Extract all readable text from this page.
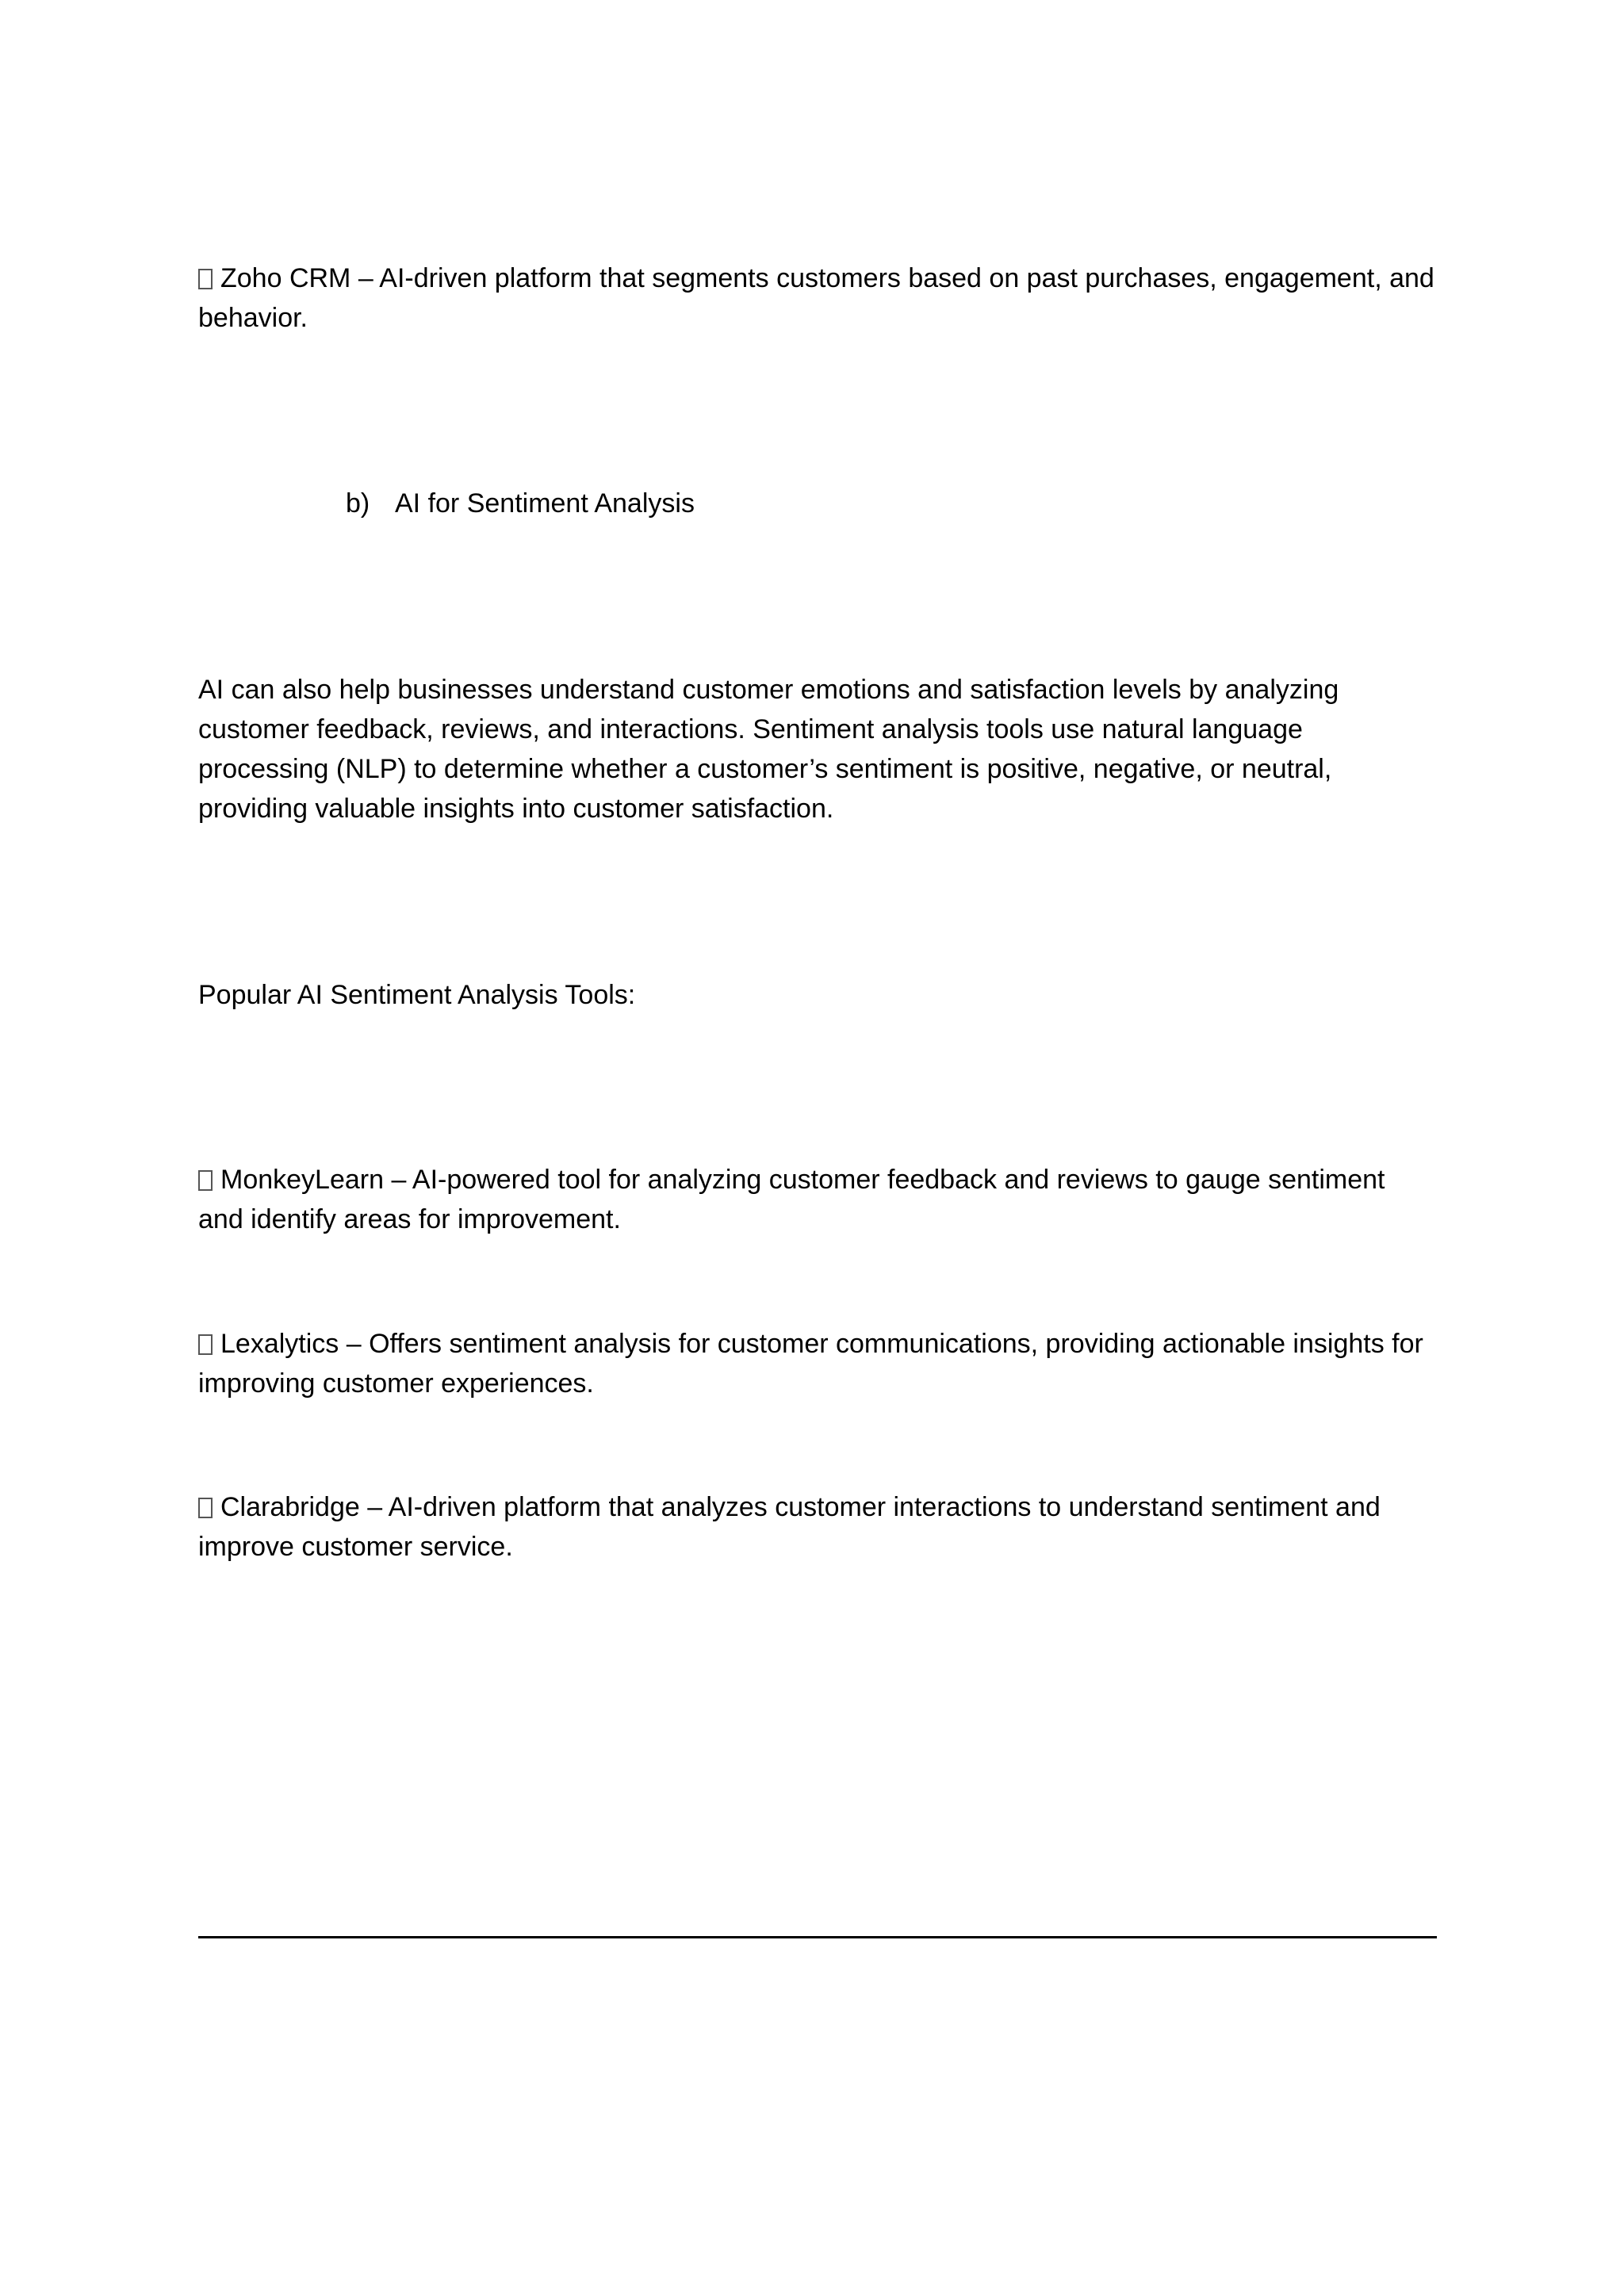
Zoho CRM – AI-driven platform that segments customers based on past purchases, engagement, and behavior.

b) AI for Sentiment Analysis

AI can also help businesses understand customer emotions and satisfaction levels by analyzing customer feedback, reviews, and interactions. Sentiment analysis tools use natural language processing (NLP) to determine whether a customer’s sentiment is positive, negative, or neutral, providing valuable insights into customer satisfaction.

Popular AI Sentiment Analysis Tools:

MonkeyLearn – AI-powered tool for analyzing customer feedback and reviews to gauge sentiment and identify areas for improvement.

Lexalytics – Offers sentiment analysis for customer communications, providing actionable insights for improving customer experiences.

Clarabridge – AI-driven platform that analyzes customer interactions to understand sentiment and improve customer service.
